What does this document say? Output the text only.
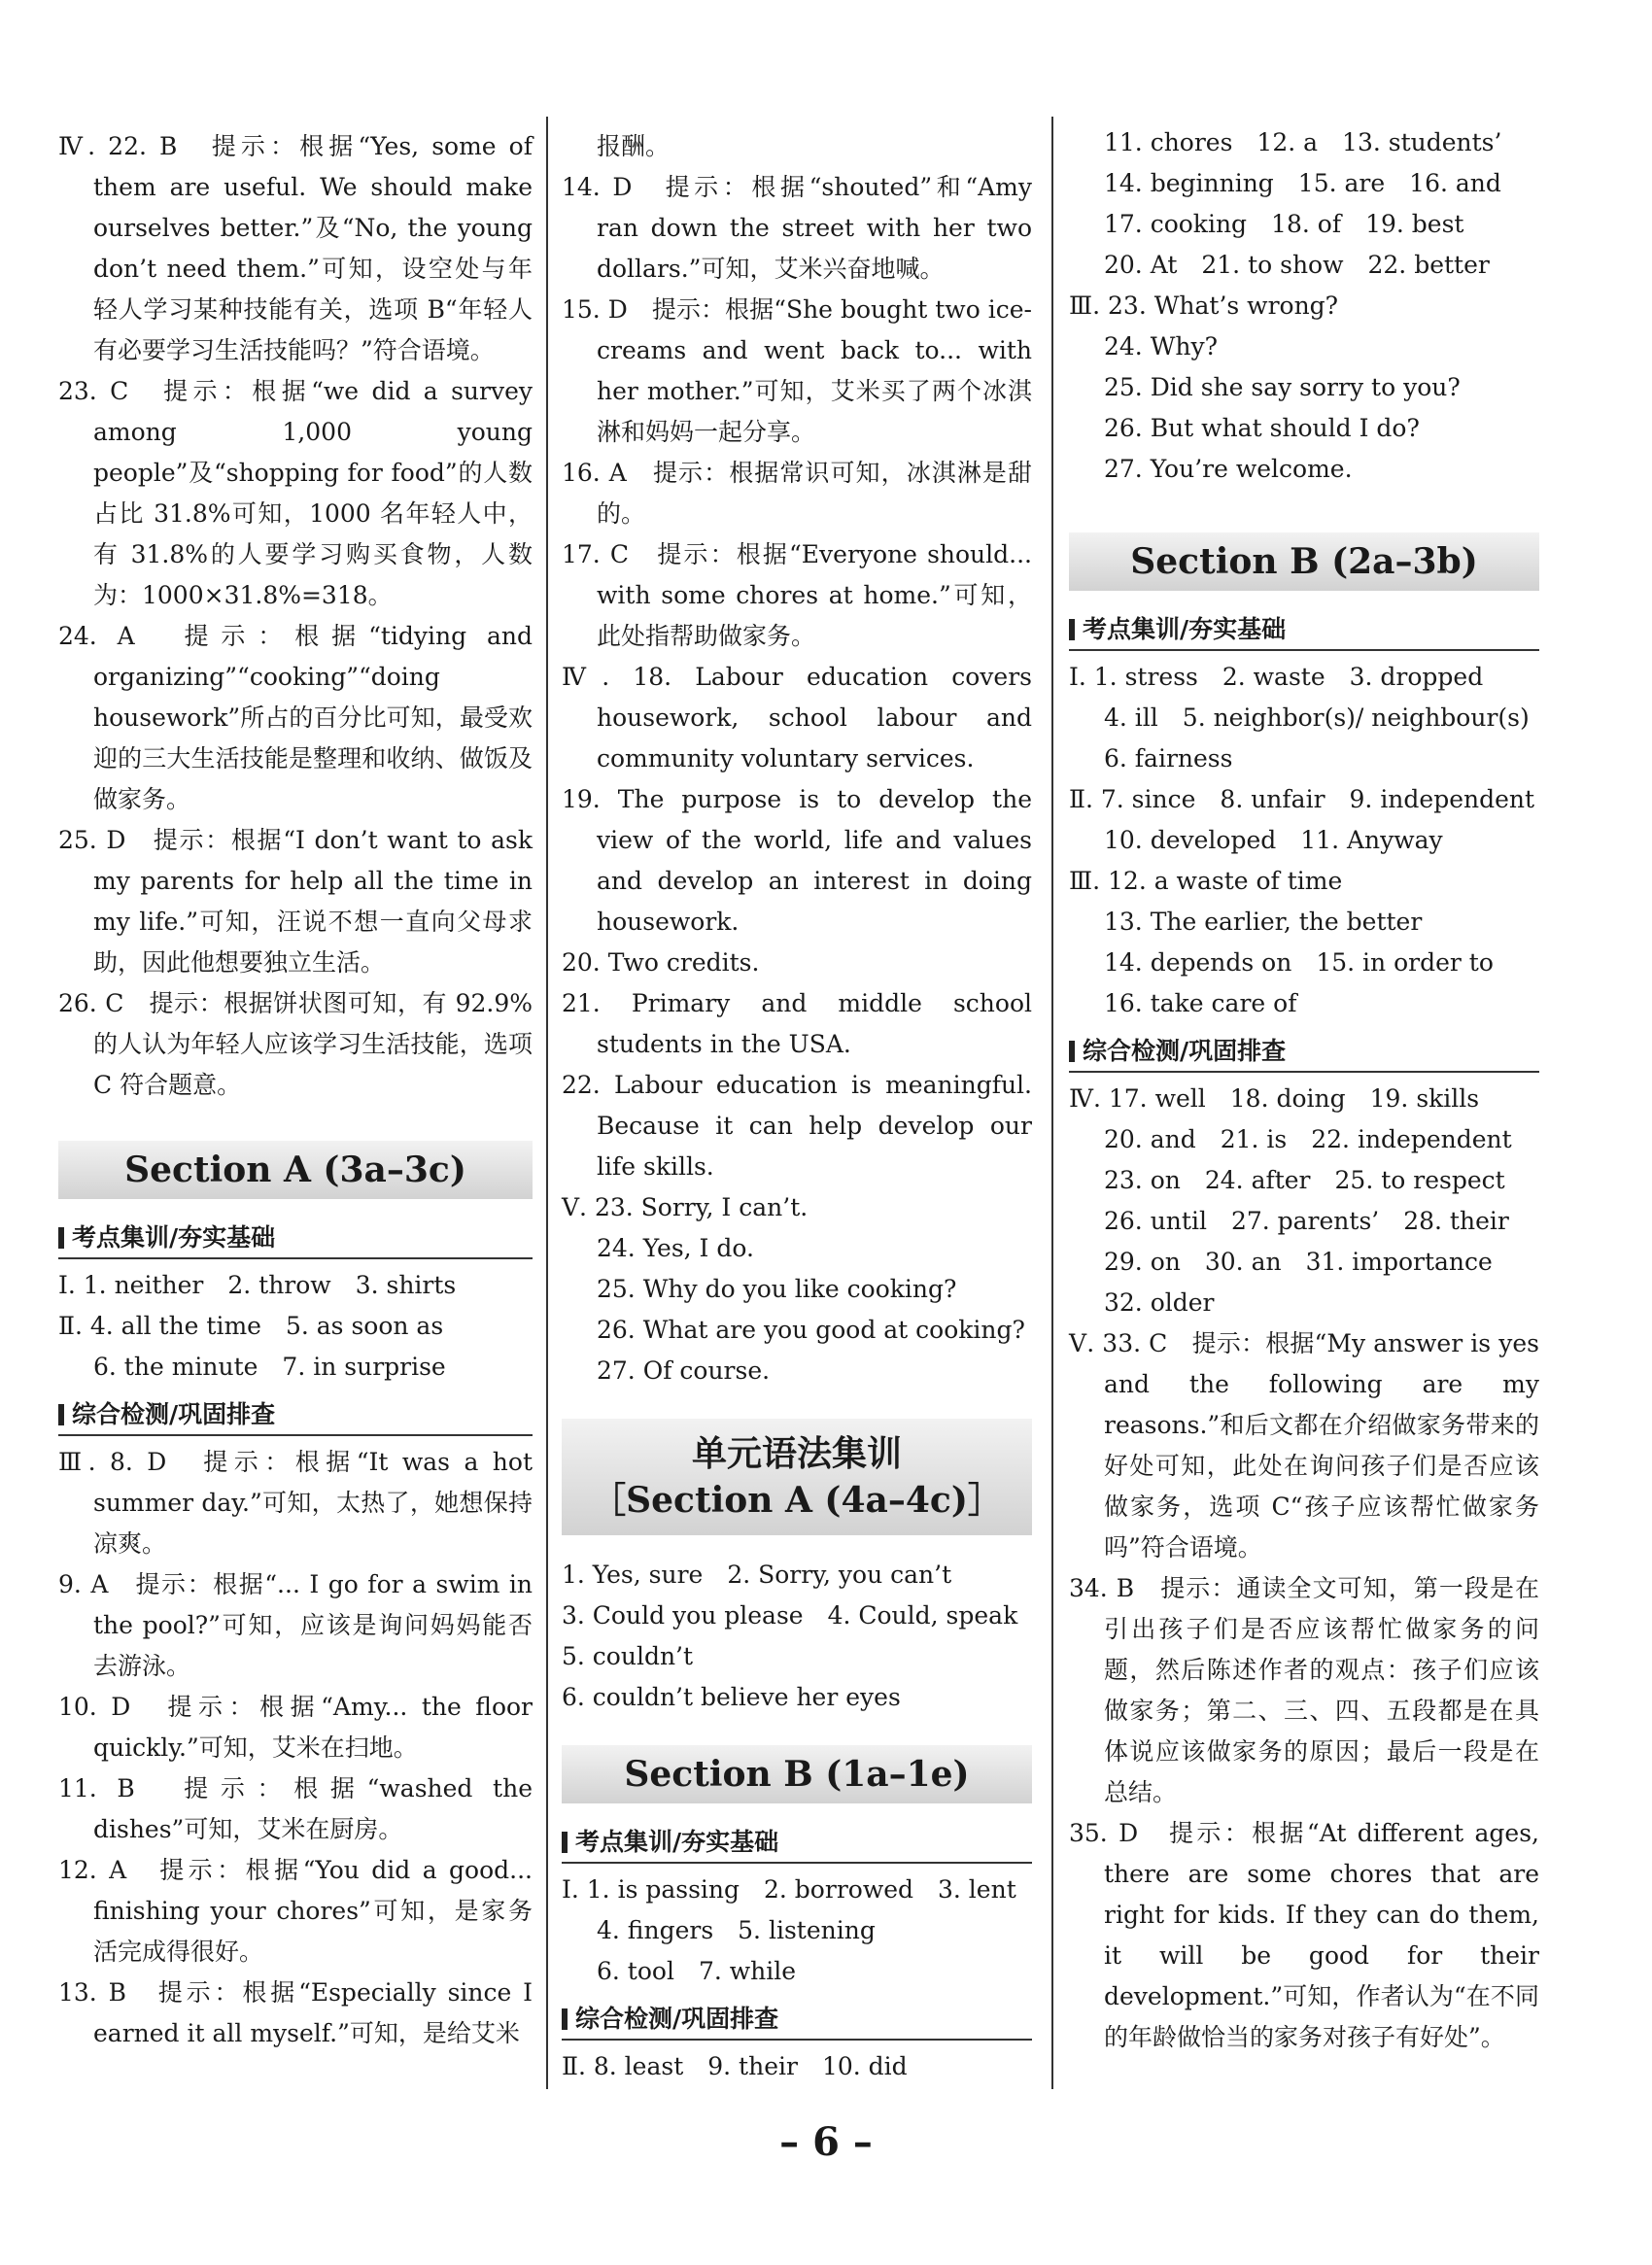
Ⅳ. 22. B　提示：根据“Yes, some of them are useful. We should make ourselves better.”及“No, the young don’t need them.”可知，设空处与年轻人学习某种技能有关，选项 B“年轻人有必要学习生活技能吗？”符合语境。

23. C　提示：根据“we did a survey among 1,000 young people”及“shopping for food”的人数占比 31.8%可知，1000 名年轻人中，有 31.8%的人要学习购买食物，人数为：1000×31.8%=318。

24. A　提示：根据“tidying and organizing”“cooking”“doing housework”所占的百分比可知，最受欢迎的三大生活技能是整理和收纳、做饭及做家务。

25. D　提示：根据“I don’t want to ask my parents for help all the time in my life.”可知，汪说不想一直向父母求助，因此他想要独立生活。

26. C　提示：根据饼状图可知，有 92.9%的人认为年轻人应该学习生活技能，选项 C 符合题意。

Section A (3a–3c)
考点集训/夯实基础

Ⅰ. 1. neither　2. throw　3. shirts

Ⅱ. 4. all the time　5. as soon as

6. the minute　7. in surprise

综合检测/巩固排查

Ⅲ. 8. D　提示：根据“It was a hot summer day.”可知，太热了，她想保持凉爽。

9. A　提示：根据“... I go for a swim in the pool?”可知，应该是询问妈妈能否去游泳。

10. D　提示：根据“Amy... the floor quickly.”可知，艾米在扫地。

11. B　提示：根据“washed the dishes”可知，艾米在厨房。

12. A　提示：根据“You did a good... finishing your chores”可知，是家务活完成得很好。

13. B　提示：根据“Especially since I earned it all myself.”可知，是给艾米

报酬。

14. D　提示：根据“shouted”和“Amy ran down the street with her two dollars.”可知，艾米兴奋地喊。

15. D　提示：根据“She bought two ice-creams and went back to... with her mother.”可知，艾米买了两个冰淇淋和妈妈一起分享。

16. A　提示：根据常识可知，冰淇淋是甜的。

17. C　提示：根据“Everyone should... with some chores at home.”可知，此处指帮助做家务。

Ⅳ. 18. Labour education covers housework, school labour and community voluntary services.

19. The purpose is to develop the view of the world, life and values and develop an interest in doing housework.

20. Two credits.

21. Primary and middle school students in the USA.

22. Labour education is meaningful. Because it can help develop our life skills.

Ⅴ. 23. Sorry, I can’t.

24. Yes, I do.

25. Why do you like cooking?

26. What are you good at cooking?

27. Of course.

单元语法集训
［Section A (4a–4c)］

1. Yes, sure　2. Sorry, you can’t

3. Could you please　4. Could, speak

5. couldn’t

6. couldn’t believe her eyes

Section B (1a–1e)
考点集训/夯实基础

Ⅰ. 1. is passing　2. borrowed　3. lent

4. fingers　5. listening

6. tool　7. while

综合检测/巩固排查

Ⅱ. 8. least　9. their　10. did

11. chores　12. a　13. students’

14. beginning　15. are　16. and

17. cooking　18. of　19. best

20. At　21. to show　22. better

Ⅲ. 23. What’s wrong?

24. Why?

25. Did she say sorry to you?

26. But what should I do?

27. You’re welcome.

Section B (2a–3b)
考点集训/夯实基础

Ⅰ. 1. stress　2. waste　3. dropped

4. ill　5. neighbor(s)/ neighbour(s)

6. fairness

Ⅱ. 7. since　8. unfair　9. independent

10. developed　11. Anyway

Ⅲ. 12. a waste of time

13. The earlier, the better

14. depends on　15. in order to

16. take care of

综合检测/巩固排查

Ⅳ. 17. well　18. doing　19. skills

20. and　21. is　22. independent

23. on　24. after　25. to respect

26. until　27. parents’　28. their

29. on　30. an　31. importance

32. older

Ⅴ. 33. C　提示：根据“My answer is yes and the following are my reasons.”和后文都在介绍做家务带来的好处可知，此处在询问孩子们是否应该做家务，选项 C“孩子应该帮忙做家务吗”符合语境。

34. B　提示：通读全文可知，第一段是在引出孩子们是否应该帮忙做家务的问题，然后陈述作者的观点：孩子们应该做家务；第二、三、四、五段都是在具体说应该做家务的原因；最后一段是在总结。

35. D　提示：根据“At different ages, there are some chores that are right for kids. If they can do them, it will be good for their development.”可知，作者认为“在不同的年龄做恰当的家务对孩子有好处”。

– 6 –
